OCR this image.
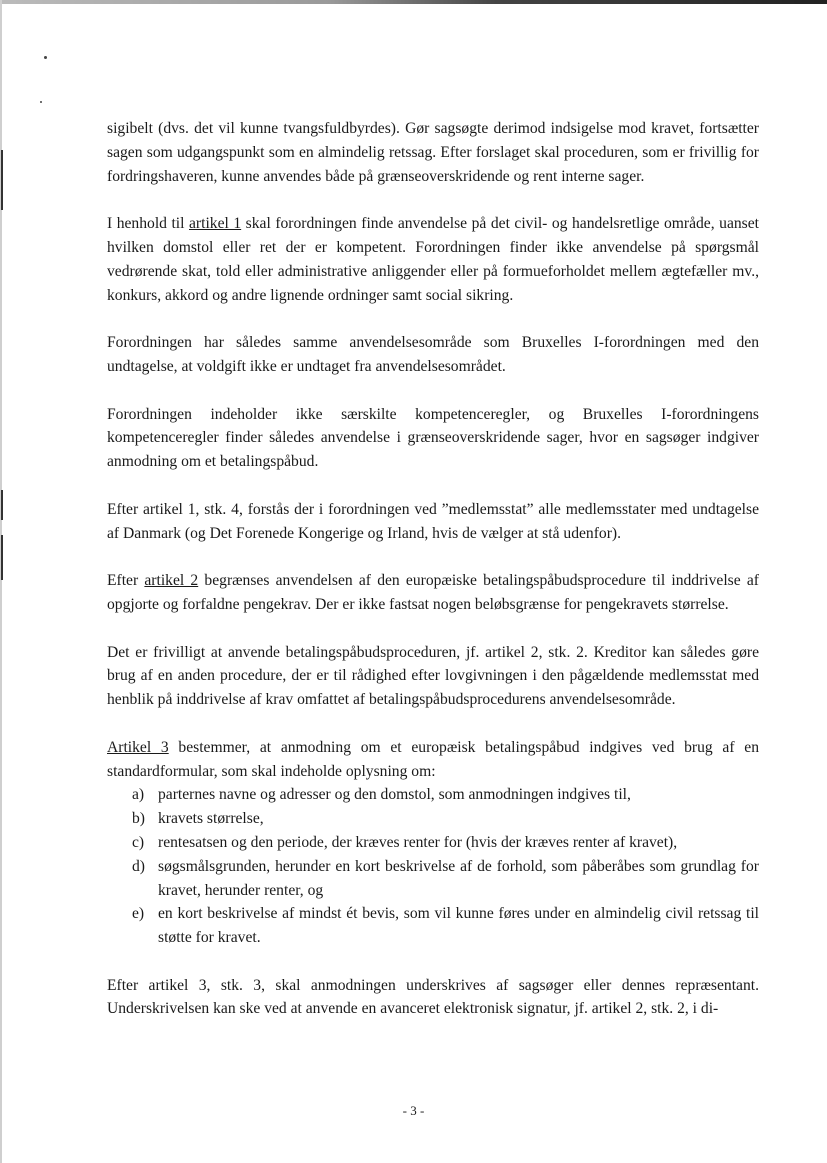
sigibelt (dvs. det vil kunne tvangsfuldbyrdes). Gør sagsøgte derimod indsigelse mod kravet, fortsætter sagen som udgangspunkt som en almindelig retssag. Efter forslaget skal proceduren, som er frivillig for fordringshaveren, kunne anvendes både på grænseoverskridende og rent interne sager.

I henhold til artikel 1 skal forordningen finde anvendelse på det civil- og handelsretlige område, uanset hvilken domstol eller ret der er kompetent. Forordningen finder ikke anvendelse på spørgsmål vedrørende skat, told eller administrative anliggender eller på formueforholdet mellem ægtefæller mv., konkurs, akkord og andre lignende ordninger samt social sikring.

Forordningen har således samme anvendelsesområde som Bruxelles I-forordningen med den undtagelse, at voldgift ikke er undtaget fra anvendelsesområdet.

Forordningen indeholder ikke særskilte kompetenceregler, og Bruxelles I-forordningens kompetenceregler finder således anvendelse i grænseoverskridende sager, hvor en sagsøger indgiver anmodning om et betalingspåbud.

Efter artikel 1, stk. 4, forstås der i forordningen ved ”medlemsstat” alle medlemsstater med undtagelse af Danmark (og Det Forenede Kongerige og Irland, hvis de vælger at stå udenfor).

Efter artikel 2 begrænses anvendelsen af den europæiske betalingspåbudsprocedure til inddrivelse af opgjorte og forfaldne pengekrav. Der er ikke fastsat nogen beløbsgrænse for pengekravets størrelse.

Det er frivilligt at anvende betalingspåbudsproceduren, jf. artikel 2, stk. 2. Kreditor kan således gøre brug af en anden procedure, der er til rådighed efter lovgivningen i den pågældende medlemsstat med henblik på inddrivelse af krav omfattet af betalingspåbudsprocedurens anvendelsesområde.

Artikel 3 bestemmer, at anmodning om et europæisk betalingspåbud indgives ved brug af en standardformular, som skal indeholde oplysning om:

a) parternes navne og adresser og den domstol, som anmodningen indgives til,
b) kravets størrelse,
c) rentesatsen og den periode, der kræves renter for (hvis der kræves renter af kravet),
d) søgsmålsgrunden, herunder en kort beskrivelse af de forhold, som påberåbes som grundlag for kravet, herunder renter, og
e) en kort beskrivelse af mindst ét bevis, som vil kunne føres under en almindelig civil retssag til støtte for kravet.

Efter artikel 3, stk. 3, skal anmodningen underskrives af sagsøger eller dennes repræsentant. Underskrivelsen kan ske ved at anvende en avanceret elektronisk signatur, jf. artikel 2, stk. 2, i di-

- 3 -
